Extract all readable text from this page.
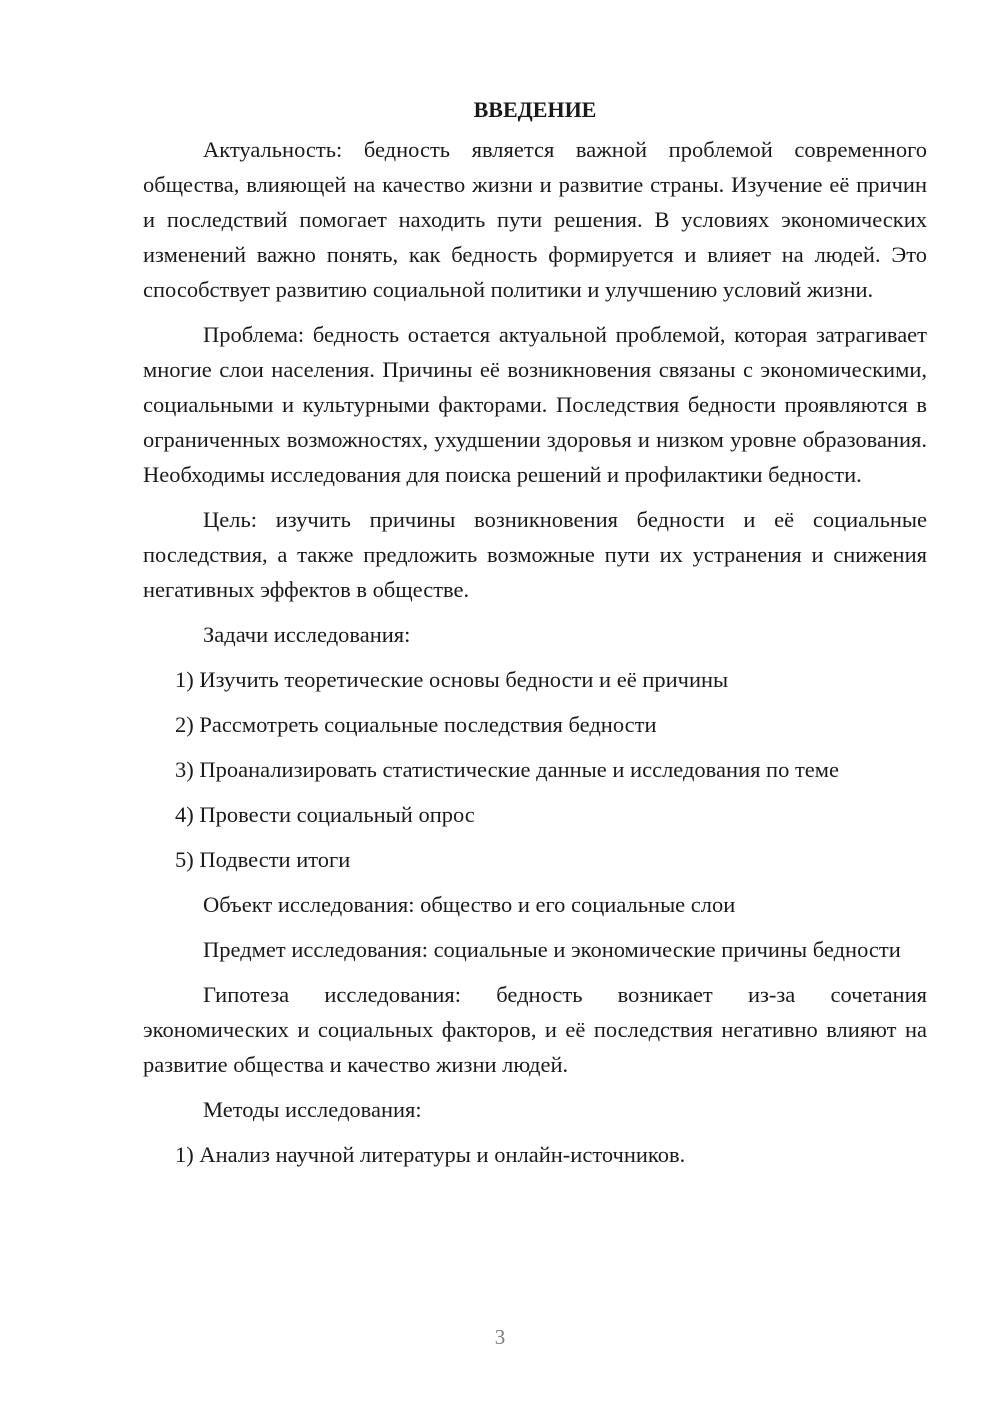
ВВЕДЕНИЕ

Актуальность: бедность является важной проблемой современного общества, влияющей на качество жизни и развитие страны. Изучение её причин и последствий помогает находить пути решения. В условиях экономических изменений важно понять, как бедность формируется и влияет на людей. Это способствует развитию социальной политики и улучшению условий жизни.

Проблема: бедность остается актуальной проблемой, которая затрагивает многие слои населения. Причины её возникновения связаны с экономическими, социальными и культурными факторами. Последствия бедности проявляются в ограниченных возможностях, ухудшении здоровья и низком уровне образования. Необходимы исследования для поиска решений и профилактики бедности.

Цель: изучить причины возникновения бедности и её социальные последствия, а также предложить возможные пути их устранения и снижения негативных эффектов в обществе.

Задачи исследования:

1) Изучить теоретические основы бедности и её причины
2) Рассмотреть социальные последствия бедности
3) Проанализировать статистические данные и исследования по теме
4) Провести социальный опрос
5) Подвести итоги

Объект исследования: общество и его социальные слои

Предмет исследования: социальные и экономические причины бедности

Гипотеза исследования: бедность возникает из-за сочетания экономических и социальных факторов, и её последствия негативно влияют на развитие общества и качество жизни людей.

Методы исследования:

1) Анализ научной литературы и онлайн-источников.
3
